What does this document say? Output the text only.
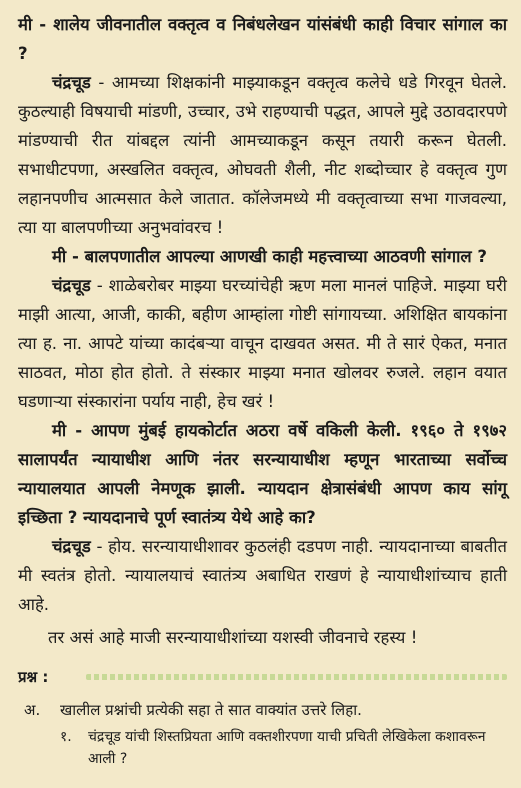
मी - शालेय जीवनातील वक्तृत्व व निबंधलेखन यांसंबंधी काही विचार सांगाल का ?

चंद्रचूड - आमच्या शिक्षकांनी माझ्याकडून वक्तृत्व कलेचे धडे गिरवून घेतले. कुठल्याही विषयाची मांडणी, उच्चार, उभे राहण्याची पद्धत, आपले मुद्दे उठावदारपणे मांडण्याची रीत यांबद्दल त्यांनी आमच्याकडून कसून तयारी करून घेतली. सभाधीटपणा, अस्खलित वक्तृत्व, ओघवती शैली, नीट शब्दोच्चार हे वक्तृत्व गुण लहानपणीच आत्मसात केले जातात. कॉलेजमध्ये मी वक्तृत्वाच्या सभा गाजवल्या, त्या या बालपणीच्या अनुभवांवरच !

मी - बालपणातील आपल्या आणखी काही महत्त्वाच्या आठवणी सांगाल ?

चंद्रचूड - शाळेबरोबर माझ्या घरच्यांचेही ऋण मला मानलं पाहिजे. माझ्या घरी माझी आत्या, आजी, काकी, बहीण आम्हांला गोष्टी सांगायच्या. अशिक्षित बायकांना त्या ह. ना. आपटे यांच्या कादंबऱ्या वाचून दाखवत असत. मी ते सारं ऐकत, मनात साठवत, मोठा होत होतो. ते संस्कार माझ्या मनात खोलवर रुजले. लहान वयात घडणाऱ्या संस्कारांना पर्याय नाही, हेच खरं !

मी - आपण मुंबई हायकोर्टात अठरा वर्षे वकिली केली. १९६० ते १९७२ सालापर्यंत न्यायाधीश आणि नंतर सरन्यायाधीश म्हणून भारताच्या सर्वोच्च न्यायालयात आपली नेमणूक झाली. न्यायदान क्षेत्रासंबंधी आपण काय सांगू इच्छिता ? न्यायदानाचे पूर्ण स्वातंत्र्य येथे आहे का?

चंद्रचूड - होय. सरन्यायाधीशावर कुठलंही दडपण नाही. न्यायदानाच्या बाबतीत मी स्वतंत्र होतो. न्यायालयाचं स्वातंत्र्य अबाधित राखणं हे न्यायाधीशांच्याच हाती आहे.

तर असं आहे माजी सरन्यायाधीशांच्या यशस्वी जीवनाचे रहस्य !

प्रश्न :
अ.	खालील प्रश्नांची प्रत्येकी सहा ते सात वाक्यांत उत्तरे लिहा.
१.	चंद्रचूड यांची शिस्तप्रियता आणि वक्तशीरपणा याची प्रचिती लेखिकेला कशावरून आली ?
